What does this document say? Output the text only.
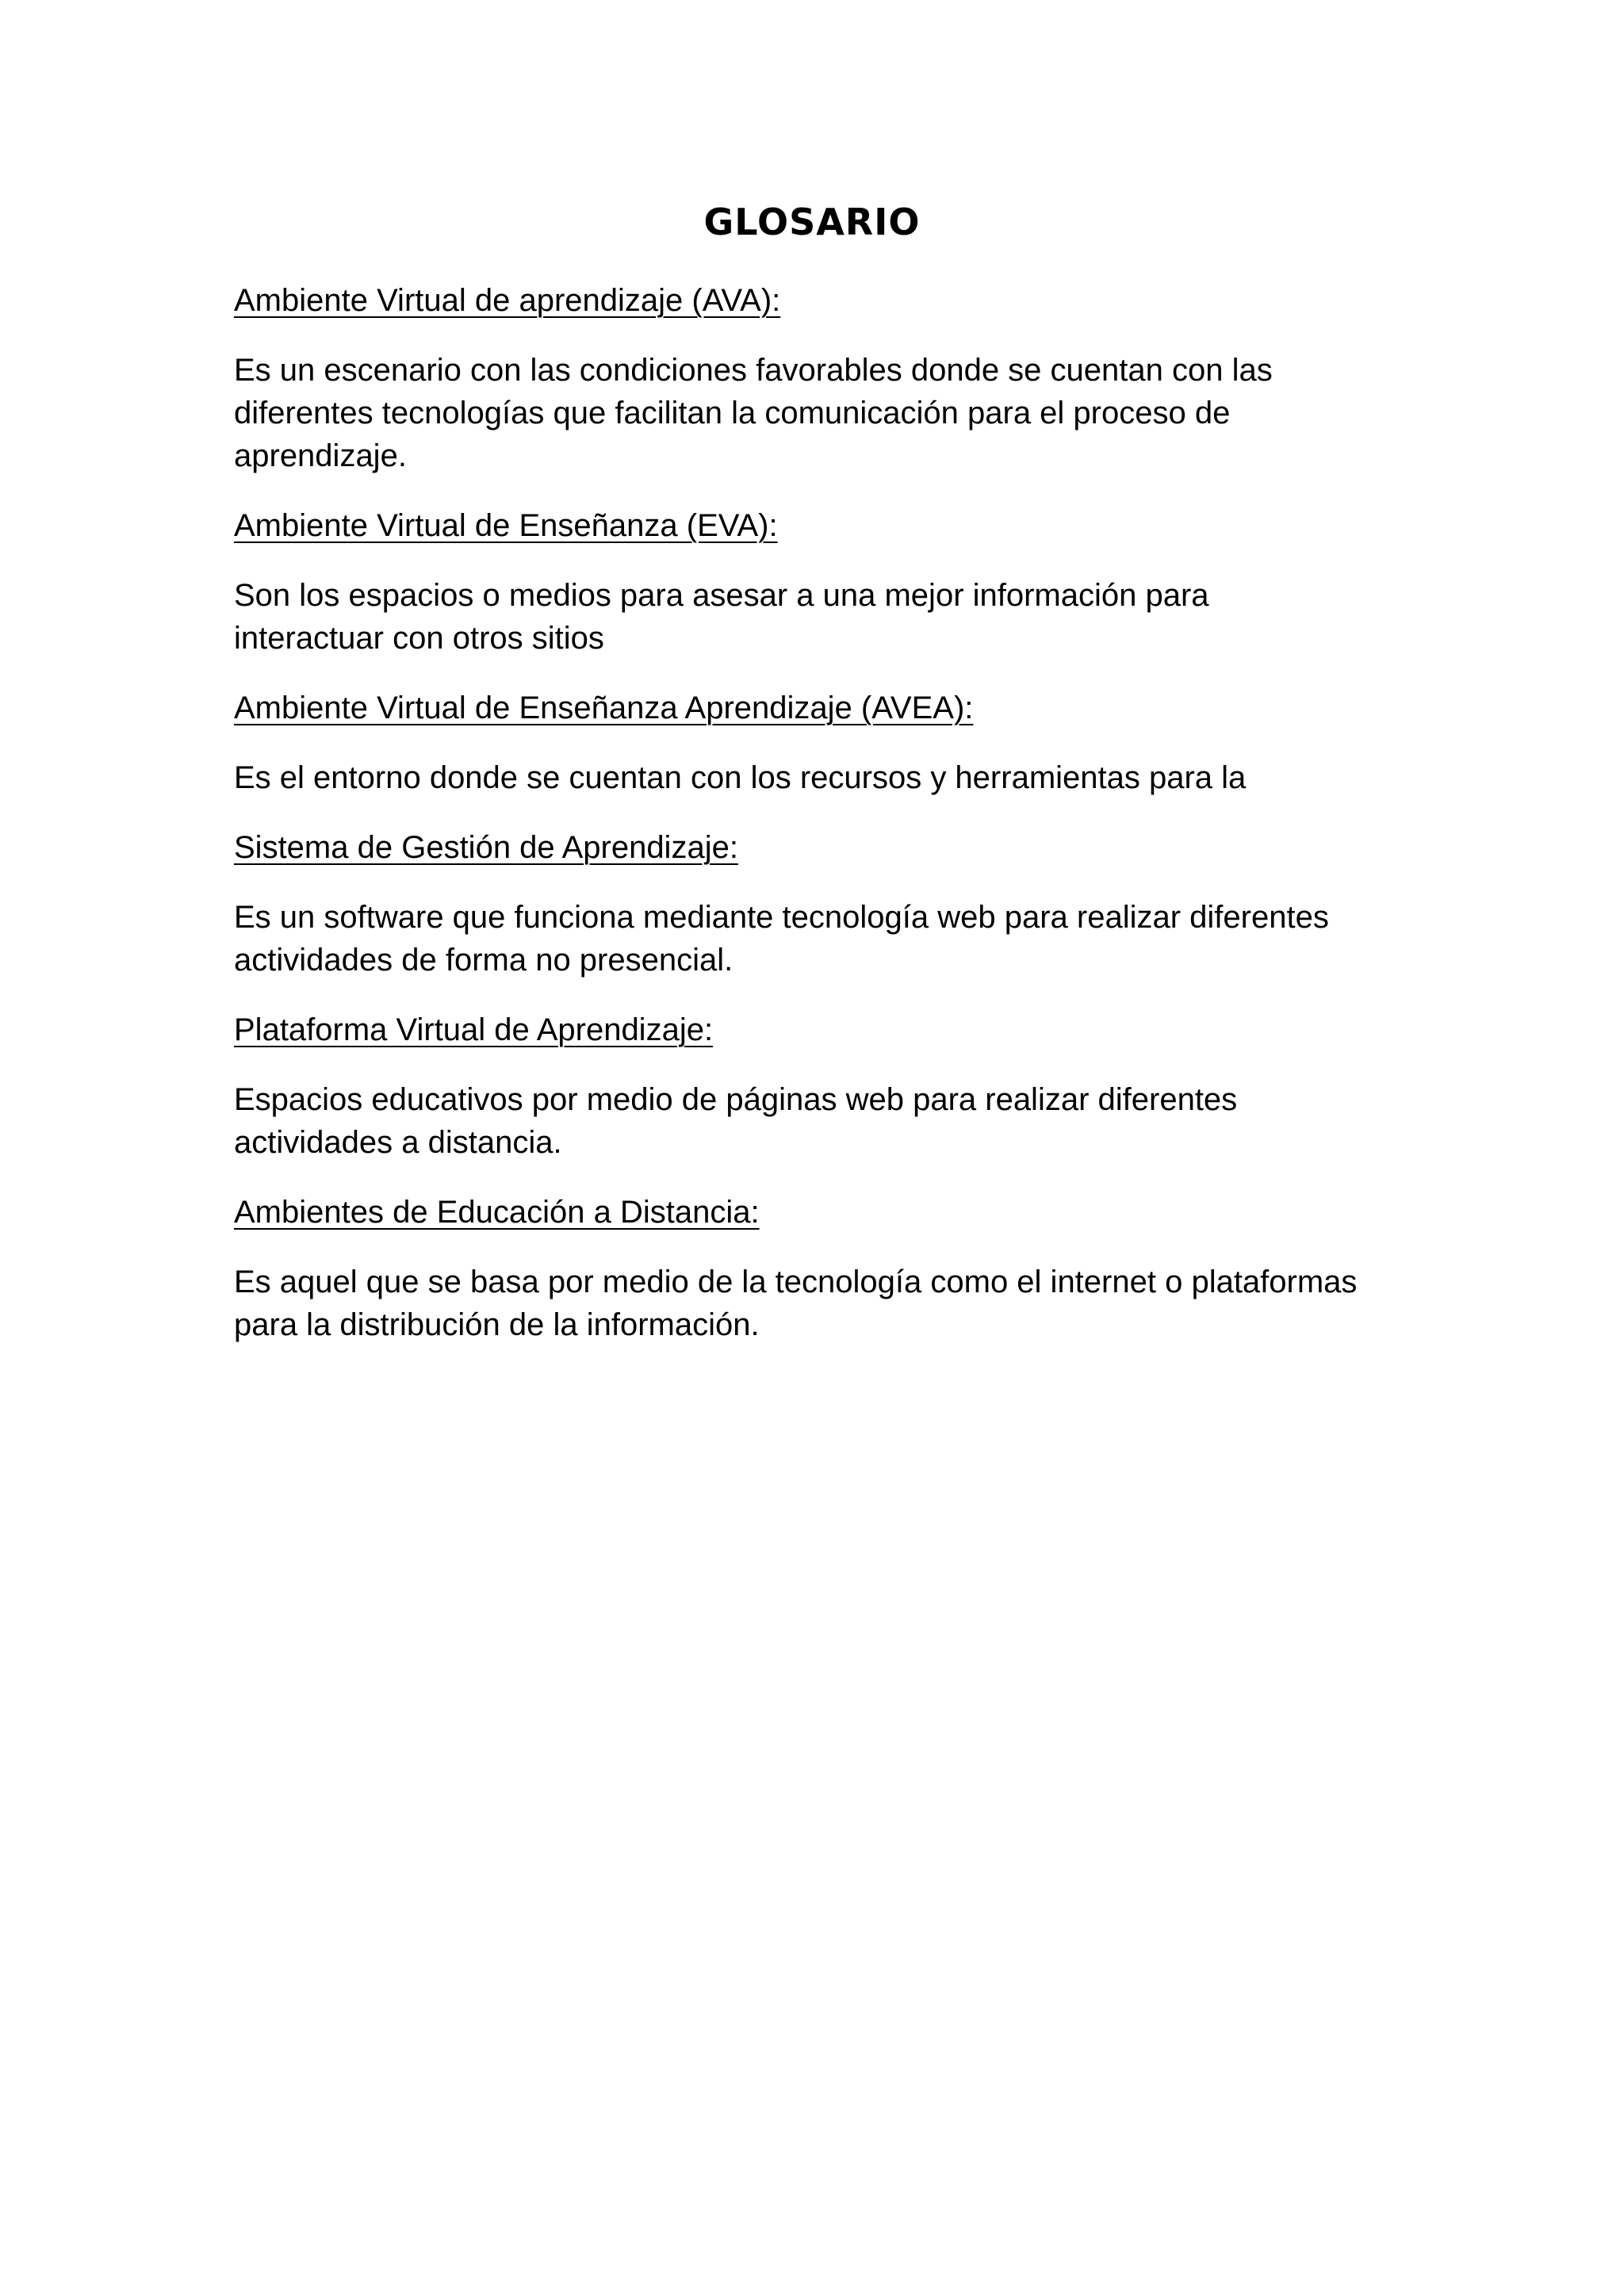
GLOSARIO
Ambiente Virtual de aprendizaje (AVA):

Es un escenario con las condiciones favorables donde se cuentan con las
diferentes tecnologías que facilitan la comunicación para el proceso de
aprendizaje.

Ambiente Virtual de Enseñanza (EVA):

Son los espacios o medios para asesar a una mejor información para
interactuar con otros sitios

Ambiente Virtual de Enseñanza Aprendizaje (AVEA):

Es el entorno donde se cuentan con los recursos y herramientas para la

Sistema de Gestión de Aprendizaje:

Es un software que funciona mediante tecnología web para realizar diferentes
actividades de forma no presencial.

Plataforma Virtual de Aprendizaje:

Espacios educativos por medio de páginas web para realizar diferentes
actividades a distancia.

Ambientes de Educación a Distancia:

Es aquel que se basa por medio de la tecnología como el internet o plataformas
para la distribución de la información.
